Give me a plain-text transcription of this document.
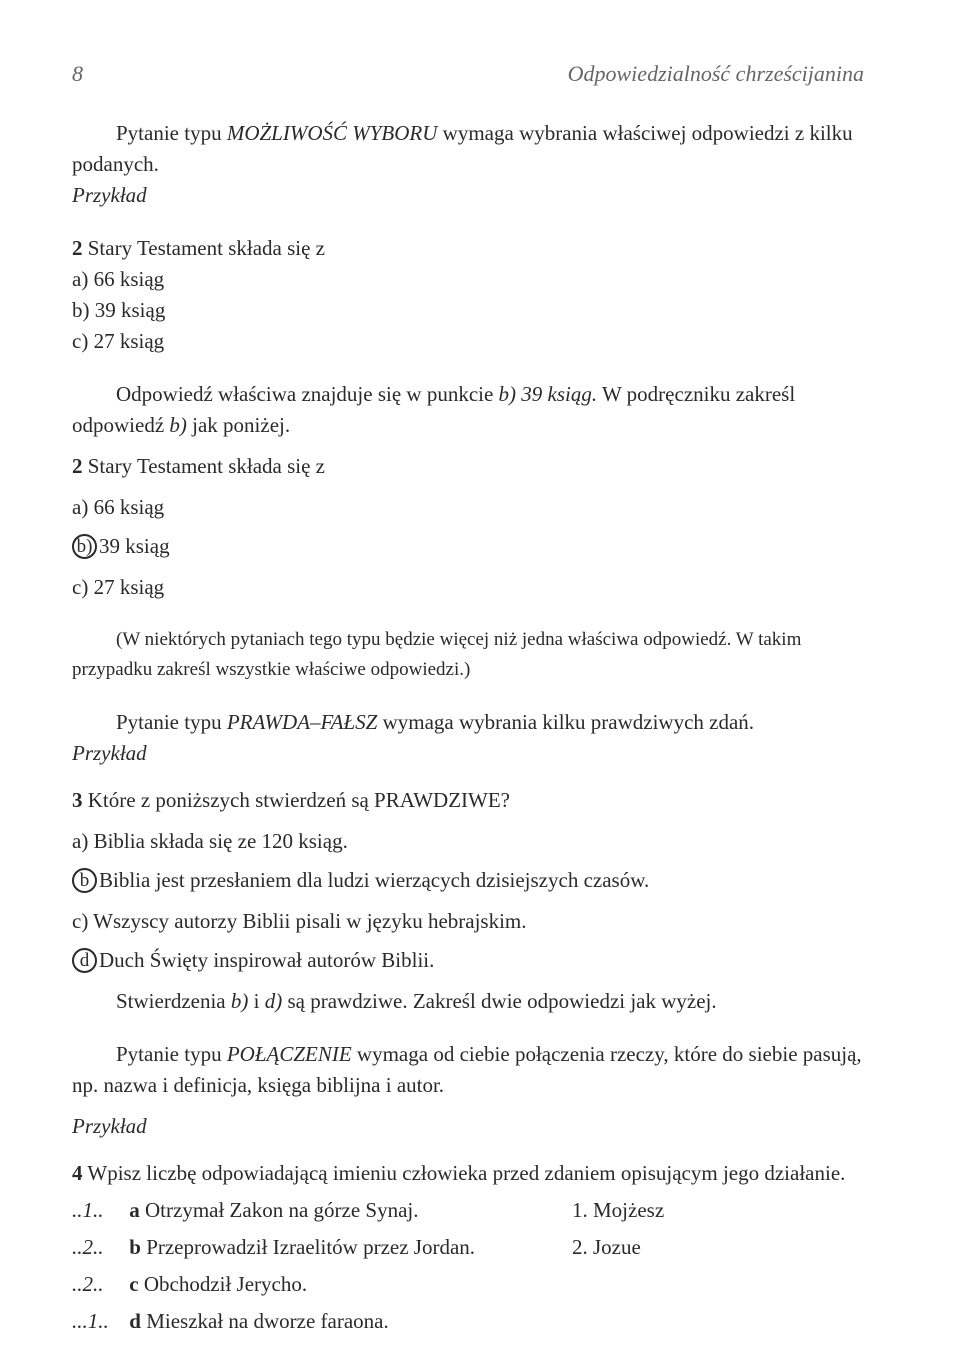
8	Odpowiedzialność chrześcijanina

Pytanie typu MOŻLIWOŚĆ WYBORU wymaga wybrania właściwej odpowiedzi z kilku podanych.

Przykład

2 Stary Testament składa się z

a) 66 ksiąg

b) 39 ksiąg

c) 27 ksiąg

Odpowiedź właściwa znajduje się w punkcie b) 39 ksiąg. W podręczniku zakreśl odpowiedź b) jak poniżej.

2 Stary Testament składa się z

a) 66 ksiąg

b) 39 ksiąg

c) 27 ksiąg

(W niektórych pytaniach tego typu będzie więcej niż jedna właściwa odpowiedź. W takim przypadku zakreśl wszystkie właściwe odpowiedzi.)

Pytanie typu PRAWDA–FAŁSZ wymaga wybrania kilku prawdziwych zdań.

Przykład

3 Które z poniższych stwierdzeń są PRAWDZIWE?

a) Biblia składa się ze 120 ksiąg.

b Biblia jest przesłaniem dla ludzi wierzących dzisiejszych czasów.

c) Wszyscy autorzy Biblii pisali w języku hebrajskim.

d Duch Święty inspirował autorów Biblii.

Stwierdzenia b) i d) są prawdziwe. Zakreśl dwie odpowiedzi jak wyżej.

Pytanie typu POŁĄCZENIE wymaga od ciebie połączenia rzeczy, które do siebie pasują, np. nazwa i definicja, księga biblijna i autor.

Przykład

4 Wpisz liczbę odpowiadającą imieniu człowieka przed zdaniem opisującym jego działanie.

..1.. a Otrzymał Zakon na górze Synaj.	1. Mojżesz
..2.. b Przeprowadził Izraelitów przez Jordan.	2. Jozue
..2.. c Obchodził Jerycho.
...1.. d Mieszkał na dworze faraona.
